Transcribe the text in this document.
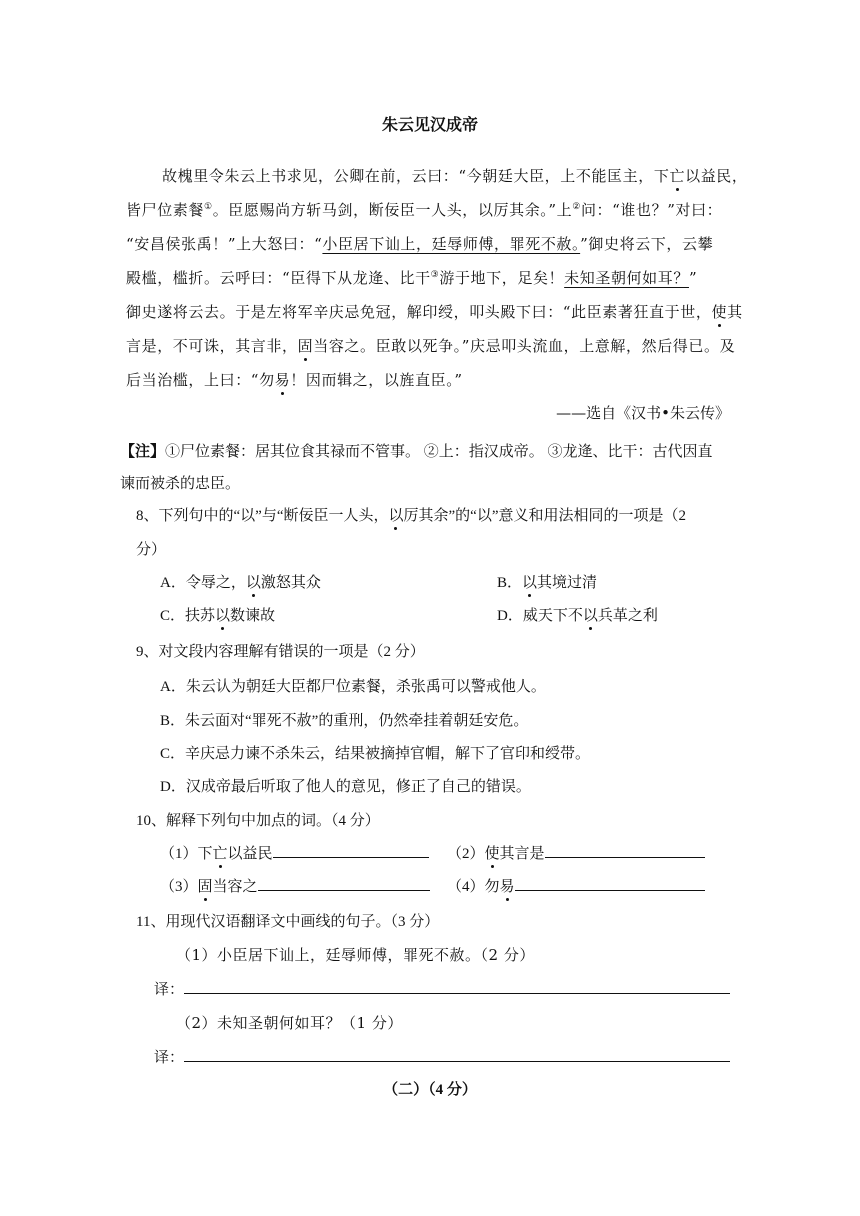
朱云见汉成帝
故槐里令朱云上书求见，公卿在前，云曰：“今朝廷大臣，上不能匡主，下亡以益民，
皆尸位素餐①。臣愿赐尚方斩马剑，断佞臣一人头，以厉其余。”上②问：“谁也？”对曰：
“安昌侯张禹！”上大怒曰：“小臣居下讪上，廷辱师傅，罪死不赦。”御史将云下，云攀
殿槛，槛折。云呼曰：“臣得下从龙逄、比干③游于地下，足矣！未知圣朝何如耳？”
御史遂将云去。于是左将军辛庆忌免冠，解印绶，叩头殿下曰：“此臣素著狂直于世，使其
言是，不可诛，其言非，固当容之。臣敢以死争。”庆忌叩头流血，上意解，然后得已。及
后当治槛，上曰：“勿易！因而辑之，以旌直臣。”
——选自《汉书•朱云传》
【注】①尸位素餐：居其位食其禄而不管事。 ②上：指汉成帝。 ③龙逄、比干：古代因直
谏而被杀的忠臣。
8、下列句中的“以”与“断佞臣一人头，以厉其余”的“以”意义和用法相同的一项是（2
分）
A．令辱之，以激怒其众	B．以其境过清
C．扶苏以数谏故	D．威天下不以兵革之利
9、对文段内容理解有错误的一项是（2 分）
A．朱云认为朝廷大臣都尸位素餐，杀张禹可以警戒他人。
B．朱云面对“罪死不赦”的重刑，仍然牵挂着朝廷安危。
C．辛庆忌力谏不杀朱云，结果被摘掉官帽，解下了官印和绶带。
D．汉成帝最后听取了他人的意见，修正了自己的错误。
10、解释下列句中加点的词。（4 分）
（1）下亡以益民	（2）使其言是
（3）固当容之	（4）勿易
11、用现代汉语翻译文中画线的句子。（3 分）
（1）小臣居下讪上，廷辱师傅，罪死不赦。（2 分）
译：
（2）未知圣朝何如耳？（1 分）
译：
（二）（4 分）
